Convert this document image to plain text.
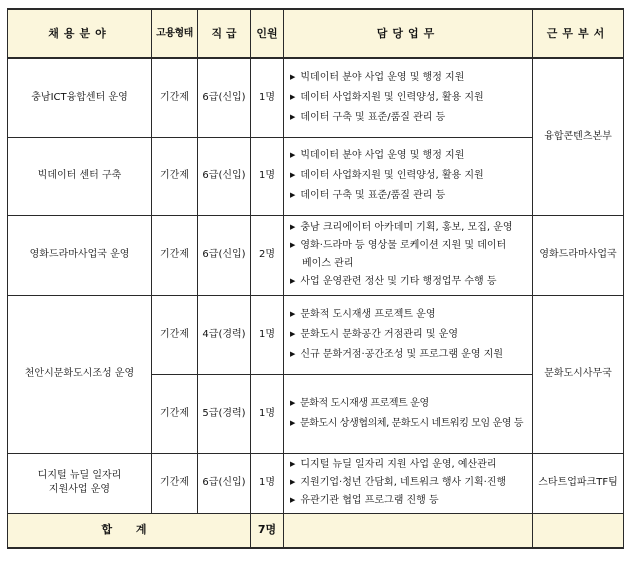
채용분야	고용형태	직 급	인원	담당업무	근무부서
충남ICT융합센터 운영	기간제	6급(신입)	1명	▶ 빅데이터 분야 사업 운영 및 행정 지원
▶ 데이터 사업화지원 및 인력양성, 활용 지원
▶ 데이터 구축 및 표준/품질 관리 등	융합콘텐츠본부
빅데이터 센터 구축	기간제	6급(신입)	1명	▶ 빅데이터 분야 사업 운영 및 행정 지원
▶ 데이터 사업화지원 및 인력양성, 활용 지원
▶ 데이터 구축 및 표준/품질 관리 등	

영화드라마사업국 운영	기간제	6급(신입)	2명	▶ 충남 크리에이터 아카데미 기획, 홍보, 모집, 운영
▶ 영화·드라마 등 영상물 로케이션 지원 및 데이터
베이스 관리
▶ 사업 운영관련 정산 및 기타 행정업무 수행 등	영화드라마사업국
천안시문화도시조성 운영	기간제	4급(경력)	1명	▶ 문화적 도시재생 프로젝트 운영
▶ 문화도시 문화공간 거점관리 및 운영
▶ 신규 문화거점·공간조성 및 프로그램 운영 지원	문화도시사무국
	기간제	5급(경력)	1명	▶ 문화적 도시재생 프로젝트 운영
▶ 문화도시 상생협의체, 문화도시 네트워킹 모임 운영 등	

디지털 뉴딜 일자리
지원사업 운영	기간제	6급(신입)	1명	▶ 디지털 뉴딜 일자리 지원 사업 운영, 예산관리
▶ 지원기업·청년 간담회, 네트워크 행사 기획·진행
▶ 유관기관 협업 프로그램 진행 등	스타트업파크TF팀
합 계			7명		
